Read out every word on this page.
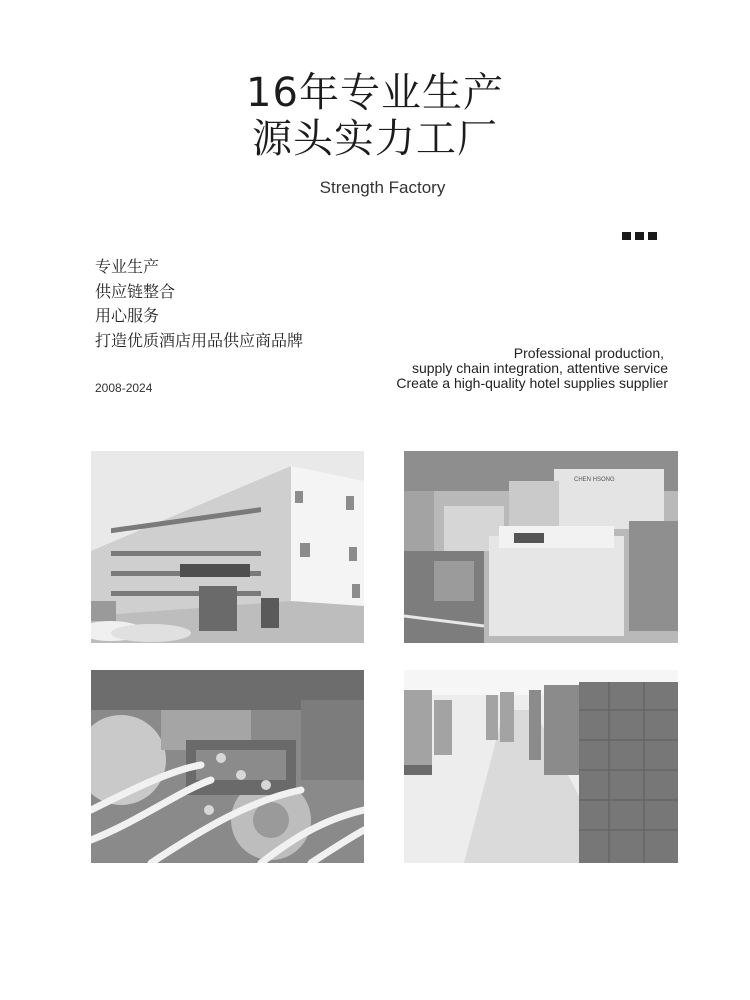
16年专业生产
源头实力工厂
Strength Factory
专业生产
供应链整合
用心服务
打造优质酒店用品供应商品牌
Professional production,
supply chain integration, attentive service
Create a high-quality hotel supplies supplier
2008-2024
CHEN HSONG
